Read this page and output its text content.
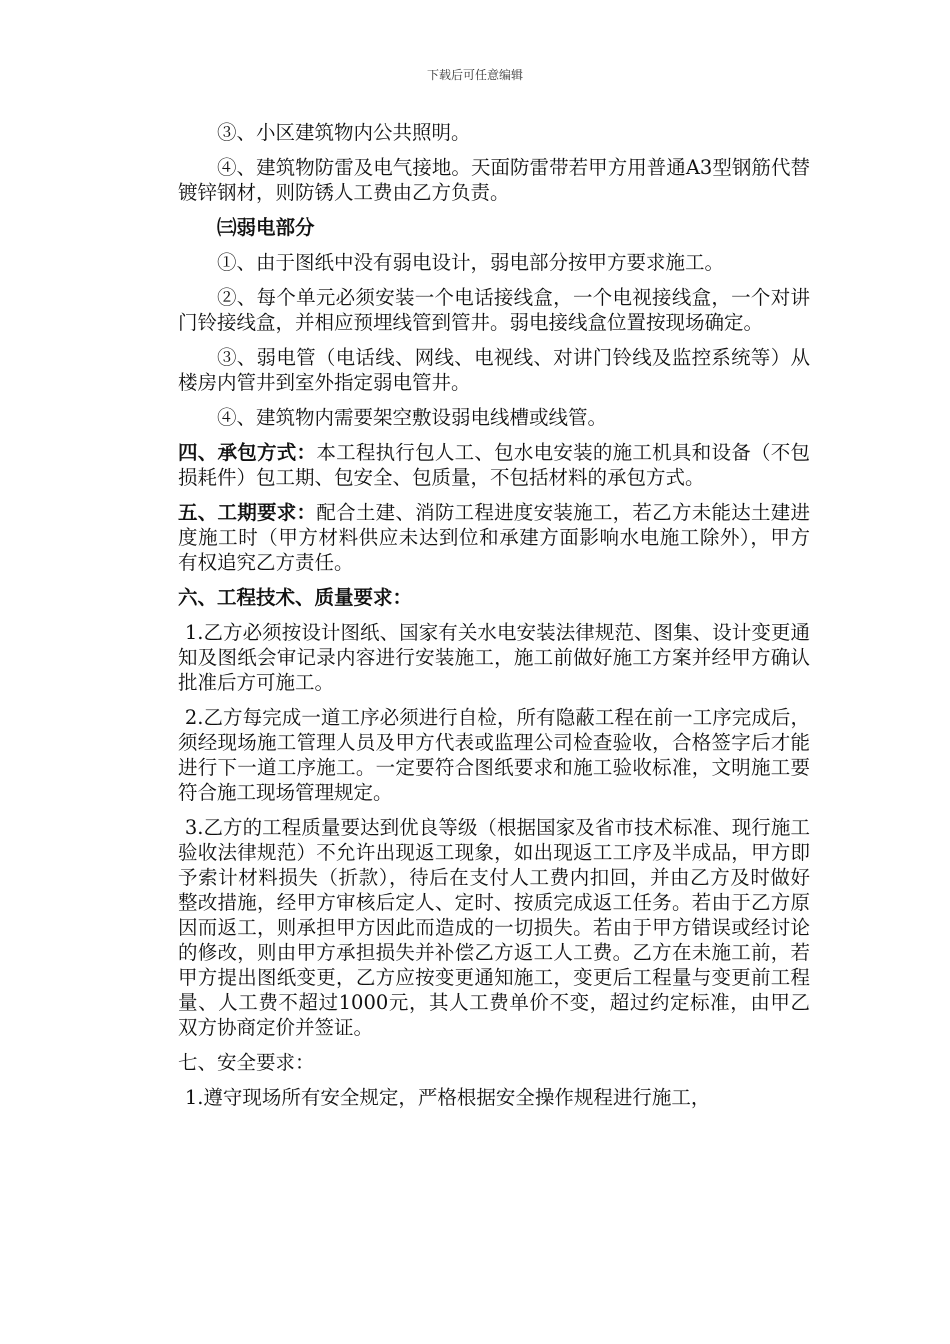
下载后可任意编辑

③、小区建筑物内公共照明。

④、建筑物防雷及电气接地。天面防雷带若甲方用普通A3型钢筋代替镀锌钢材，则防锈人工费由乙方负责。

㈢弱电部分

①、由于图纸中没有弱电设计，弱电部分按甲方要求施工。

②、每个单元必须安装一个电话接线盒，一个电视接线盒，一个对讲门铃接线盒，并相应预埋线管到管井。弱电接线盒位置按现场确定。

③、弱电管（电话线、网线、电视线、对讲门铃线及监控系统等）从楼房内管井到室外指定弱电管井。

④、建筑物内需要架空敷设弱电线槽或线管。

四、承包方式：本工程执行包人工、包水电安装的施工机具和设备（不包损耗件）包工期、包安全、包质量，不包括材料的承包方式。

五、工期要求：配合土建、消防工程进度安装施工，若乙方未能达土建进度施工时（甲方材料供应未达到位和承建方面影响水电施工除外），甲方有权追究乙方责任。

六、工程技术、质量要求：

1.乙方必须按设计图纸、国家有关水电安装法律规范、图集、设计变更通知及图纸会审记录内容进行安装施工，施工前做好施工方案并经甲方确认批准后方可施工。

2.乙方每完成一道工序必须进行自检，所有隐蔽工程在前一工序完成后，须经现场施工管理人员及甲方代表或监理公司检查验收，合格签字后才能进行下一道工序施工。一定要符合图纸要求和施工验收标准，文明施工要符合施工现场管理规定。

3.乙方的工程质量要达到优良等级（根据国家及省市技术标准、现行施工验收法律规范）不允许出现返工现象，如出现返工工序及半成品，甲方即予索计材料损失（折款），待后在支付人工费内扣回，并由乙方及时做好整改措施，经甲方审核后定人、定时、按质完成返工任务。若由于乙方原因而返工，则承担甲方因此而造成的一切损失。若由于甲方错误或经讨论的修改，则由甲方承担损失并补偿乙方返工人工费。乙方在未施工前，若甲方提出图纸变更，乙方应按变更通知施工，变更后工程量与变更前工程量、人工费不超过1000元，其人工费单价不变，超过约定标准，由甲乙双方协商定价并签证。

七、安全要求：

1.遵守现场所有安全规定，严格根据安全操作规程进行施工，
